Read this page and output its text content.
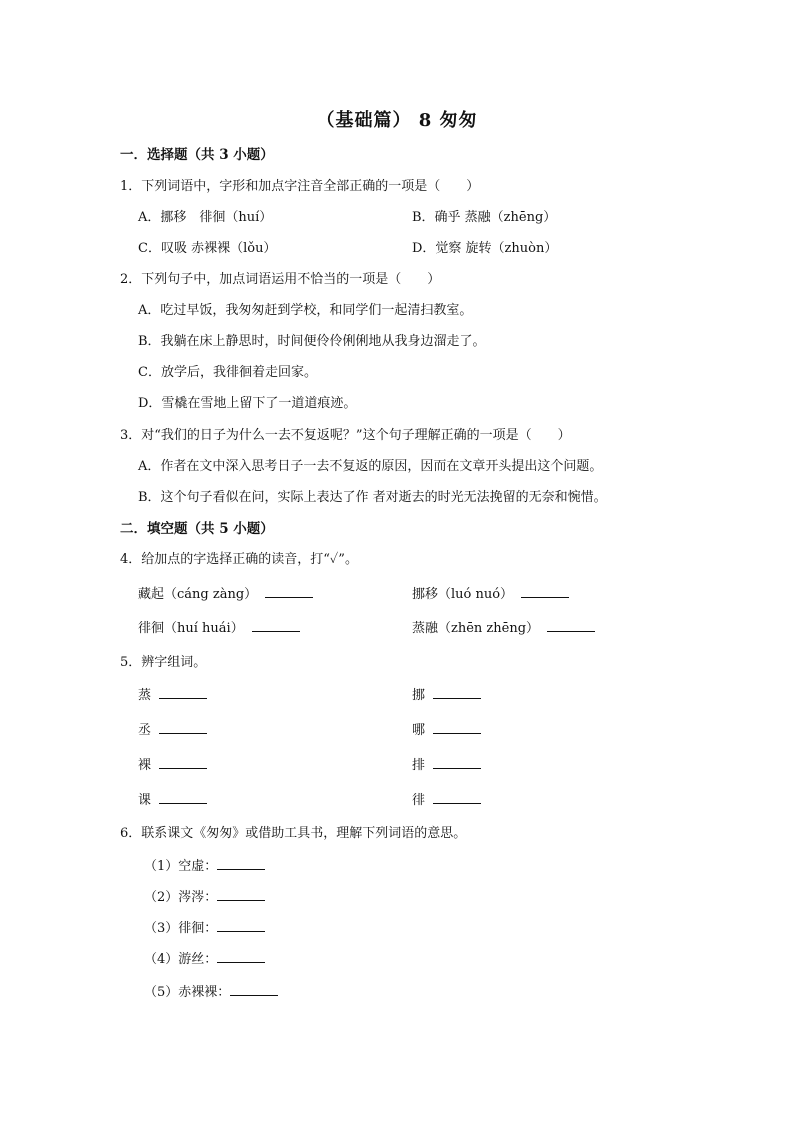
（基础篇） 8 匆匆
一．选择题（共 3 小题）
1．下列词语中，字形和加点字注音全部正确的一项是（　　）
A．挪移　徘徊（huí）	B．确乎 蒸融（zhēng）
C．叹吸 赤裸裸（lǒu）	D．觉察 旋转（zhuòn）
2．下列句子中，加点词语运用不恰当的一项是（　　）
A．吃过早饭，我匆匆赶到学校，和同学们一起清扫教室。
B．我躺在床上静思时，时间便伶伶俐俐地从我身边溜走了。
C．放学后，我徘徊着走回家。
D．雪橇在雪地上留下了一道道痕迹。
3．对“我们的日子为什么一去不复返呢？”这个句子理解正确的一项是（　　）
A．作者在文中深入思考日子一去不复返的原因，因而在文章开头提出这个问题。
B．这个句子看似在问，实际上表达了作 者对逝去的时光无法挽留的无奈和惋惜。
二．填空题（共 5 小题）
4．给加点的字选择正确的读音，打“✓”。
藏起（cáng zàng）	挪移（luó nuó）
徘徊（huí huái）	蒸融（zhēn zhēng）
5．辨字组词。
蒸	挪
丞	哪
裸	排
课	徘
6．联系课文《匆匆》或借助工具书，理解下列词语的意思。
（1）空虚：
（2）涔涔：
（3）徘徊：
（4）游丝：
（5）赤裸裸：
